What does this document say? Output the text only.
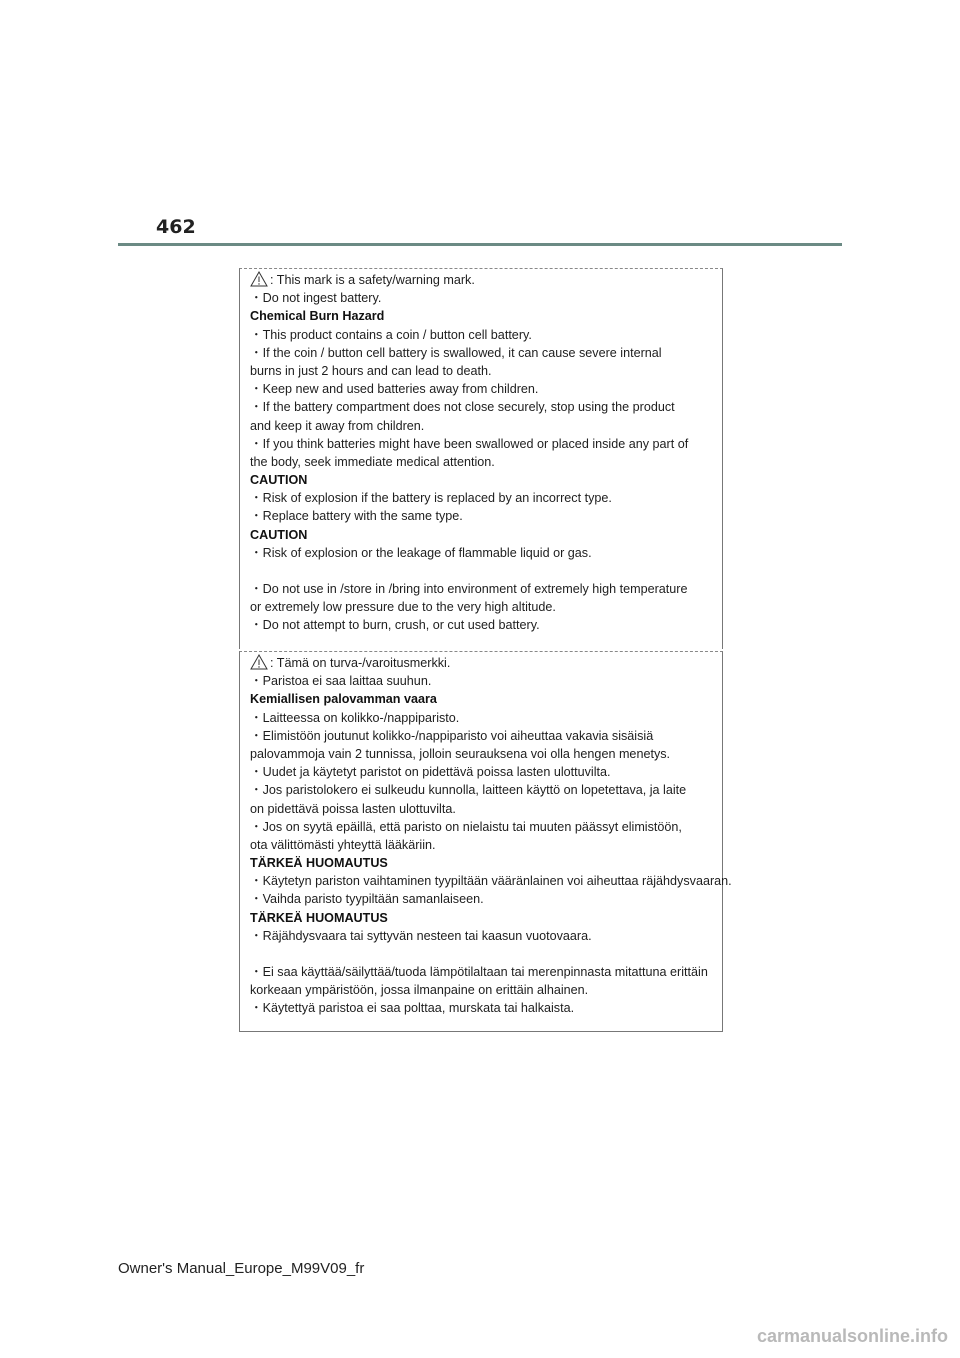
462
: This mark is a safety/warning mark.
・Do not ingest battery.
Chemical Burn Hazard
・This product contains a coin / button cell battery.
・If the coin / button cell battery is swallowed, it can cause severe internal
burns in just 2 hours and can lead to death.
・Keep new and used batteries away from children.
・If the battery compartment does not close securely, stop using the product
and keep it away from children.
・If you think batteries might have been swallowed or placed inside any part of
the body, seek immediate medical attention.
CAUTION
・Risk of explosion if the battery is replaced by an incorrect type.
・Replace battery with the same type.
CAUTION
・Risk of explosion or the leakage of flammable liquid or gas.
・Do not use in /store in /bring into environment of extremely high temperature
or extremely low pressure due to the very high altitude.
・Do not attempt to burn, crush, or cut used battery.
: Tämä on turva-/varoitusmerkki.
・Paristoa ei saa laittaa suuhun.
Kemiallisen palovamman vaara
・Laitteessa on kolikko-/nappiparisto.
・Elimistöön joutunut kolikko-/nappiparisto voi aiheuttaa vakavia sisäisiä
palovammoja vain 2 tunnissa, jolloin seurauksena voi olla hengen menetys.
・Uudet ja käytetyt paristot on pidettävä poissa lasten ulottuvilta.
・Jos paristolokero ei sulkeudu kunnolla, laitteen käyttö on lopetettava, ja laite
on pidettävä poissa lasten ulottuvilta.
・Jos on syytä epäillä, että paristo on nielaistu tai muuten päässyt elimistöön,
ota välittömästi yhteyttä lääkäriin.
TÄRKEÄ HUOMAUTUS
・Käytetyn pariston vaihtaminen tyypiltään vääränlainen voi aiheuttaa räjähdysvaaran.
・Vaihda paristo tyypiltään samanlaiseen.
TÄRKEÄ HUOMAUTUS
・Räjähdysvaara tai syttyvän nesteen tai kaasun vuotovaara.
・Ei saa käyttää/säilyttää/tuoda lämpötilaltaan tai merenpinnasta mitattuna erittäin
korkeaan ympäristöön, jossa ilmanpaine on erittäin alhainen.
・Käytettyä paristoa ei saa polttaa, murskata tai halkaista.
Owner's Manual_Europe_M99V09_fr
carmanualsonline.info
